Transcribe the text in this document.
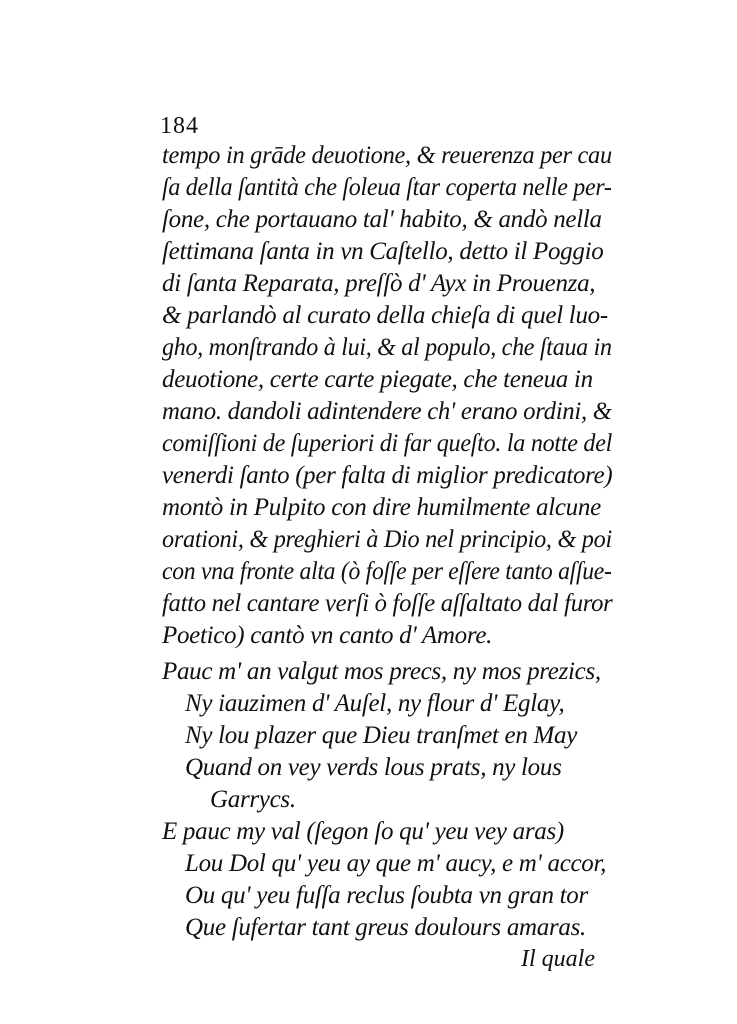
184
tempo in grāde deuotione, & reuerenza per cau
ſa della ſantità che ſoleua ſtar coperta nelle per-
ſone, che portauano tal' habito, & andò nella
ſettimana ſanta in vn Caſtello, detto il Poggio
di ſanta Reparata, preſſò d' Ayx in Prouenza,
& parlandò al curato della chieſa di quel luo-
gho, monſtrando à lui, & al populo, che ſtaua in
deuotione, certe carte piegate, che teneua in
mano. dandoli adintendere ch' erano ordini, &
comiſſioni de ſuperiori di far queſto. la notte del
venerdi ſanto (per falta di miglior predicatore)
montò in Pulpito con dire humilmente alcune
orationi, & preghieri à Dio nel principio, & poi
con vna fronte alta (ò foſſe per eſſere tanto aſſue-
fatto nel cantare verſi ò foſſe aſſaltato dal furor
Poetico) cantò vn canto d' Amore.
Pauc m' an valgut mos precs, ny mos prezics,
Ny iauzimen d' Auſel, ny flour d' Eglay,
Ny lou plazer que Dieu tranſmet en May
Quand on vey verds lous prats, ny lous
Garrycs.
E pauc my val (ſegon ſo qu' yeu vey aras)
Lou Dol qu' yeu ay que m' aucy, e m' accor,
Ou qu' yeu fuſſa reclus ſoubta vn gran tor
Que ſufertar tant greus doulours amaras.
Il quale
